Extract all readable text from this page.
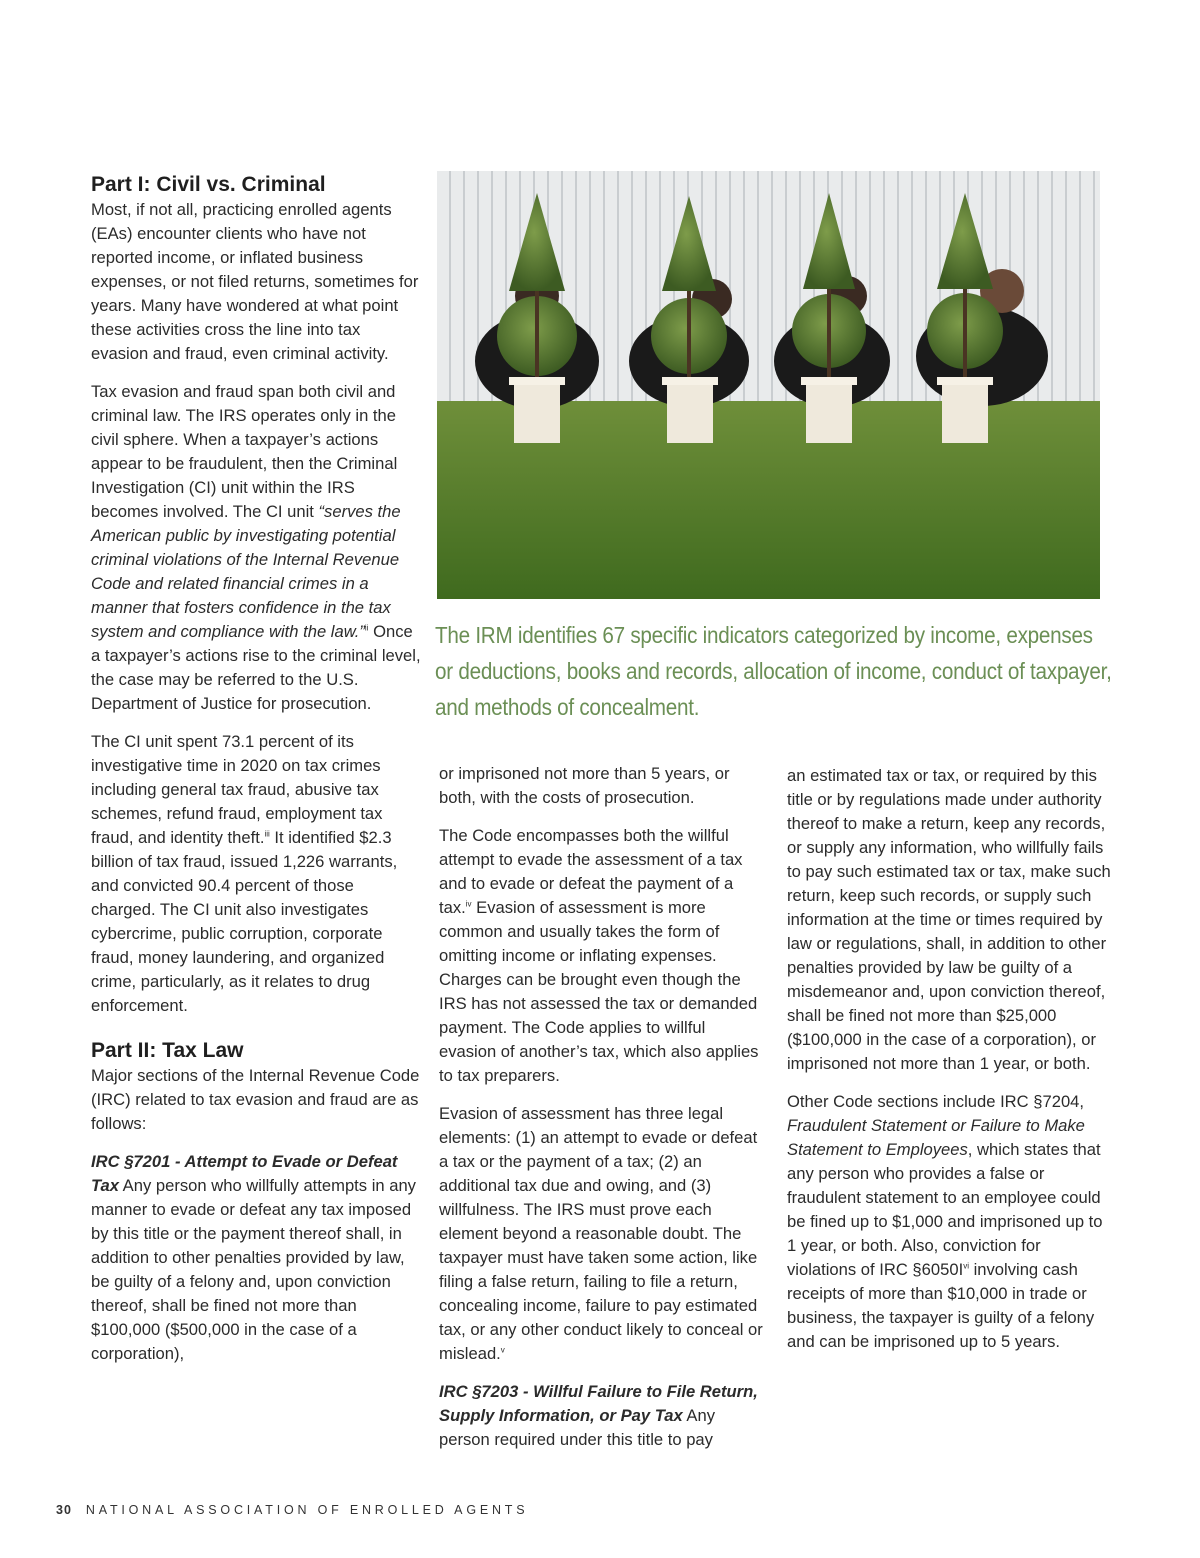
Part I: Civil vs. Criminal

Most, if not all, practicing enrolled agents (EAs) encounter clients who have not reported income, or inflated business expenses, or not filed returns, sometimes for years. Many have wondered at what point these activities cross the line into tax evasion and fraud, even criminal activity.

Tax evasion and fraud span both civil and criminal law. The IRS operates only in the civil sphere. When a taxpayer’s actions appear to be fraudulent, then the Criminal Investigation (CI) unit within the IRS becomes involved. The CI unit “serves the American public by investigating potential criminal violations of the Internal Revenue Code and related financial crimes in a manner that fosters confidence in the tax system and compliance with the law.”$^{ii}$ Once a taxpayer’s actions rise to the criminal level, the case may be referred to the U.S. Department of Justice for prosecution.

The CI unit spent 73.1 percent of its investigative time in 2020 on tax crimes including general tax fraud, abusive tax schemes, refund fraud, employment tax fraud, and identity theft.$^{iii}$ It identified $2.3 billion of tax fraud, issued 1,226 warrants, and convicted 90.4 percent of those charged. The CI unit also investigates cybercrime, public corruption, corporate fraud, money laundering, and organized crime, particularly, as it relates to drug enforcement.

Part II: Tax Law

Major sections of the Internal Revenue Code (IRC) related to tax evasion and fraud are as follows:

IRC §7201 - Attempt to Evade or Defeat Tax Any person who willfully attempts in any manner to evade or defeat any tax imposed by this title or the payment thereof shall, in addition to other penalties provided by law, be guilty of a felony and, upon conviction thereof, shall be fined not more than $100,000 ($500,000 in the case of a corporation),

The IRM identifies 67 specific indicators categorized by income, expenses or deductions, books and records, allocation of income, conduct of taxpayer, and methods of concealment.

or imprisoned not more than 5 years, or both, with the costs of prosecution.

The Code encompasses both the willful attempt to evade the assessment of a tax and to evade or defeat the payment of a tax.$^{iv}$ Evasion of assessment is more common and usually takes the form of omitting income or inflating expenses. Charges can be brought even though the IRS has not assessed the tax or demanded payment. The Code applies to willful evasion of another’s tax, which also applies to tax preparers.

Evasion of assessment has three legal elements: (1) an attempt to evade or defeat a tax or the payment of a tax; (2) an additional tax due and owing, and (3) willfulness. The IRS must prove each element beyond a reasonable doubt. The taxpayer must have taken some action, like filing a false return, failing to file a return, concealing income, failure to pay estimated tax, or any other conduct likely to conceal or mislead.$^v$

IRC §7203 - Willful Failure to File Return, Supply Information, or Pay Tax Any person required under this title to pay

an estimated tax or tax, or required by this title or by regulations made under authority thereof to make a return, keep any records, or supply any information, who willfully fails to pay such estimated tax or tax, make such return, keep such records, or supply such information at the time or times required by law or regulations, shall, in addition to other penalties provided by law be guilty of a misdemeanor and, upon conviction thereof, shall be fined not more than $25,000 ($100,000 in the case of a corporation), or imprisoned not more than 1 year, or both.

Other Code sections include IRC §7204, Fraudulent Statement or Failure to Make Statement to Employees, which states that any person who provides a false or fraudulent statement to an employee could be fined up to $1,000 and imprisoned up to 1 year, or both. Also, conviction for violations of IRC $\S 6050I^{vi}$ involving cash receipts of more than $10,000 in trade or business, the taxpayer is guilty of a felony and can be imprisoned up to 5 years.

30 NATIONAL ASSOCIATION OF ENROLLED AGENTS
